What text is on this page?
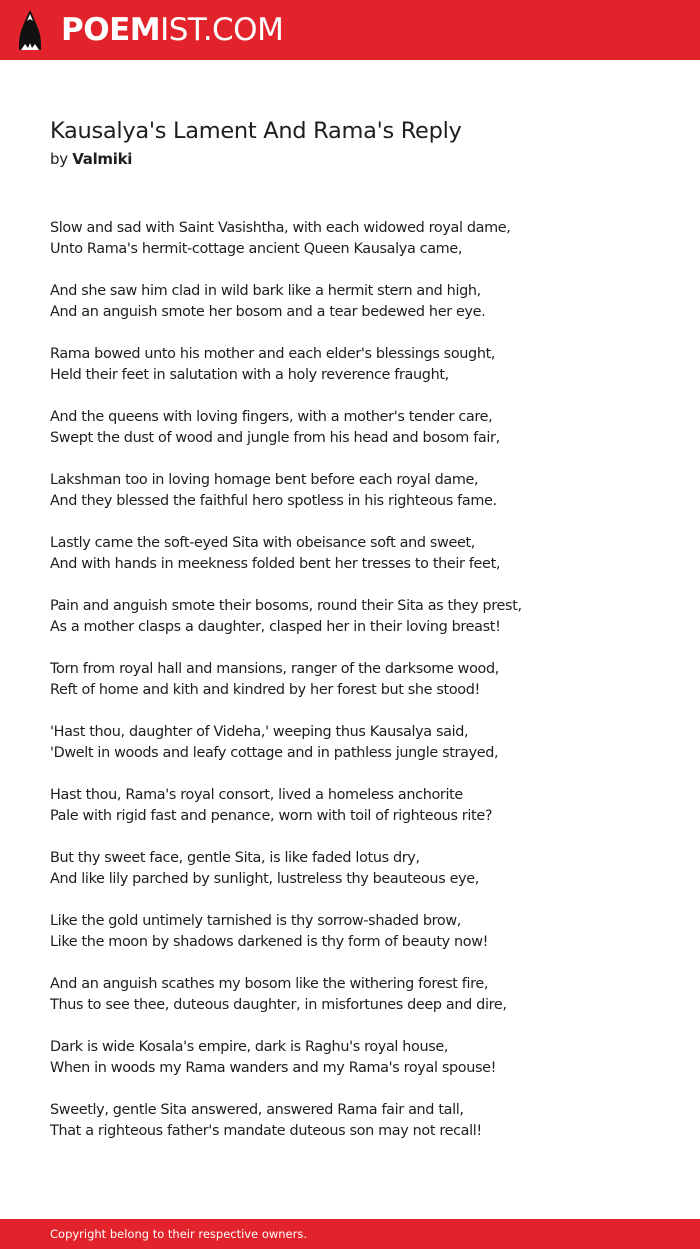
POEMIST.COM
Kausalya's Lament And Rama's Reply
by Valmiki
Slow and sad with Saint Vasishtha, with each widowed royal dame,
Unto Rama's hermit-cottage ancient Queen Kausalya came,
And she saw him clad in wild bark like a hermit stern and high,
And an anguish smote her bosom and a tear bedewed her eye.
Rama bowed unto his mother and each elder's blessings sought,
Held their feet in salutation with a holy reverence fraught,
And the queens with loving fingers, with a mother's tender care,
Swept the dust of wood and jungle from his head and bosom fair,
Lakshman too in loving homage bent before each royal dame,
And they blessed the faithful hero spotless in his righteous fame.
Lastly came the soft-eyed Sita with obeisance soft and sweet,
And with hands in meekness folded bent her tresses to their feet,
Pain and anguish smote their bosoms, round their Sita as they prest,
As a mother clasps a daughter, clasped her in their loving breast!
Torn from royal hall and mansions, ranger of the darksome wood,
Reft of home and kith and kindred by her forest but she stood!
'Hast thou, daughter of Videha,' weeping thus Kausalya said,
'Dwelt in woods and leafy cottage and in pathless jungle strayed,
Hast thou, Rama's royal consort, lived a homeless anchorite
Pale with rigid fast and penance, worn with toil of righteous rite?
But thy sweet face, gentle Sita, is like faded lotus dry,
And like lily parched by sunlight, lustreless thy beauteous eye,
Like the gold untimely tarnished is thy sorrow-shaded brow,
Like the moon by shadows darkened is thy form of beauty now!
And an anguish scathes my bosom like the withering forest fire,
Thus to see thee, duteous daughter, in misfortunes deep and dire,
Dark is wide Kosala's empire, dark is Raghu's royal house,
When in woods my Rama wanders and my Rama's royal spouse!
Sweetly, gentle Sita answered, answered Rama fair and tall,
That a righteous father's mandate duteous son may not recall!
Copyright belong to their respective owners.
